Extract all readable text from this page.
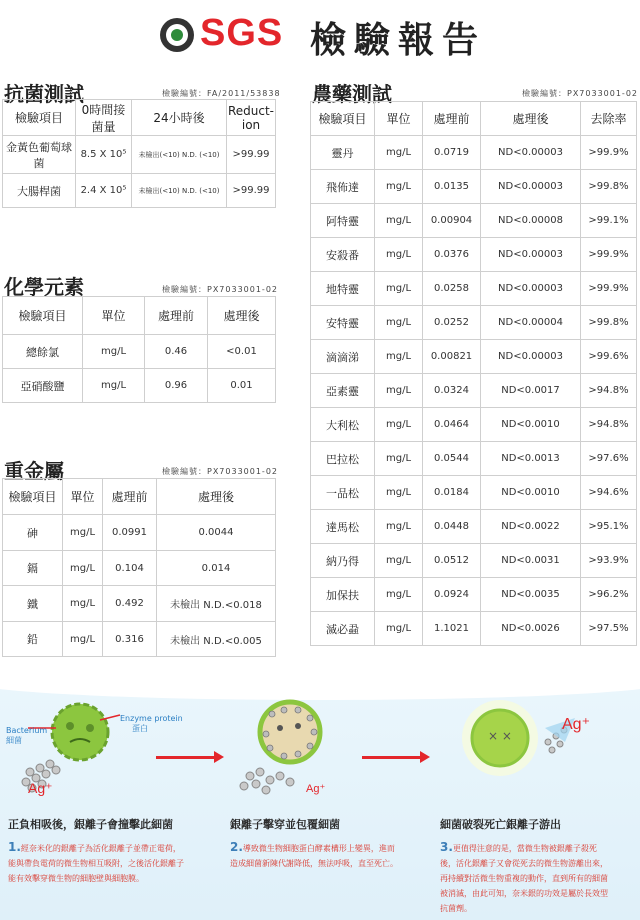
SGS 檢驗報告
抗菌測試	檢驗編號：FA/2011/53838
檢驗項目	0時間接菌量	24小時後	Reduct-ion
金黃色葡萄球菌	8.5 X 10⁵	未檢出(<10) N.D. (<10)	>99.99
大腸桿菌	2.4 X 10⁵	未檢出(<10) N.D. (<10)	>99.99
化學元素	檢驗編號：PX7033001-02
檢驗項目	單位	處理前	處理後
總餘氯	mg/L	0.46	<0.01
亞硝酸鹽	mg/L	0.96	0.01
重金屬	檢驗編號：PX7033001-02
檢驗項目	單位	處理前	處理後
砷	mg/L	0.0991	0.0044
鎘	mg/L	0.104	0.014
鐵	mg/L	0.492	未檢出 N.D.<0.018
鉛	mg/L	0.316	未檢出 N.D.<0.005
農藥測試	檢驗編號：PX7033001-02
檢驗項目	單位	處理前	處理後	去除率
靈丹	mg/L	0.0719	ND<0.00003	>99.9%
飛佈達	mg/L	0.0135	ND<0.00003	>99.8%
阿特靈	mg/L	0.00904	ND<0.00008	>99.1%
安殺番	mg/L	0.0376	ND<0.00003	>99.9%
地特靈	mg/L	0.0258	ND<0.00003	>99.9%
安特靈	mg/L	0.0252	ND<0.00004	>99.8%
滴滴涕	mg/L	0.00821	ND<0.00003	>99.6%
亞素靈	mg/L	0.0324	ND<0.0017	>94.8%
大利松	mg/L	0.0464	ND<0.0010	>94.8%
巴拉松	mg/L	0.0544	ND<0.0013	>97.6%
一品松	mg/L	0.0184	ND<0.0010	>94.6%
達馬松	mg/L	0.0448	ND<0.0022	>95.1%
納乃得	mg/L	0.0512	ND<0.0031	>93.9%
加保扶	mg/L	0.0924	ND<0.0035	>96.2%
滅必蝨	mg/L	1.1021	ND<0.0026	>97.5%
× ×
Bacterium
細菌
Enzyme protein
蛋白
Ag⁺	Ag⁺
Ag⁺
正負相吸後，銀離子會撞擊此細菌
1.經奈米化的銀離子為活化銀離子並帶正電荷，能與帶負電荷的微生物相互吸附，之後活化銀離子能有效擊穿微生物的細胞壁與細胞膜。
銀離子擊穿並包覆細菌
2.導致微生物細胞蛋白酵素構形上變異，進而造成細菌新陳代謝降低，無法呼吸，直至死亡。
細菌破裂死亡銀離子游出
3.更值得注意的是，當微生物被銀離子殺死後，活化銀離子又會從死去的微生物游離出來，再持續對活微生物重複的動作，直到所有的細菌被消滅，由此可知，奈米銀的功效是屬於長效型抗菌劑。
